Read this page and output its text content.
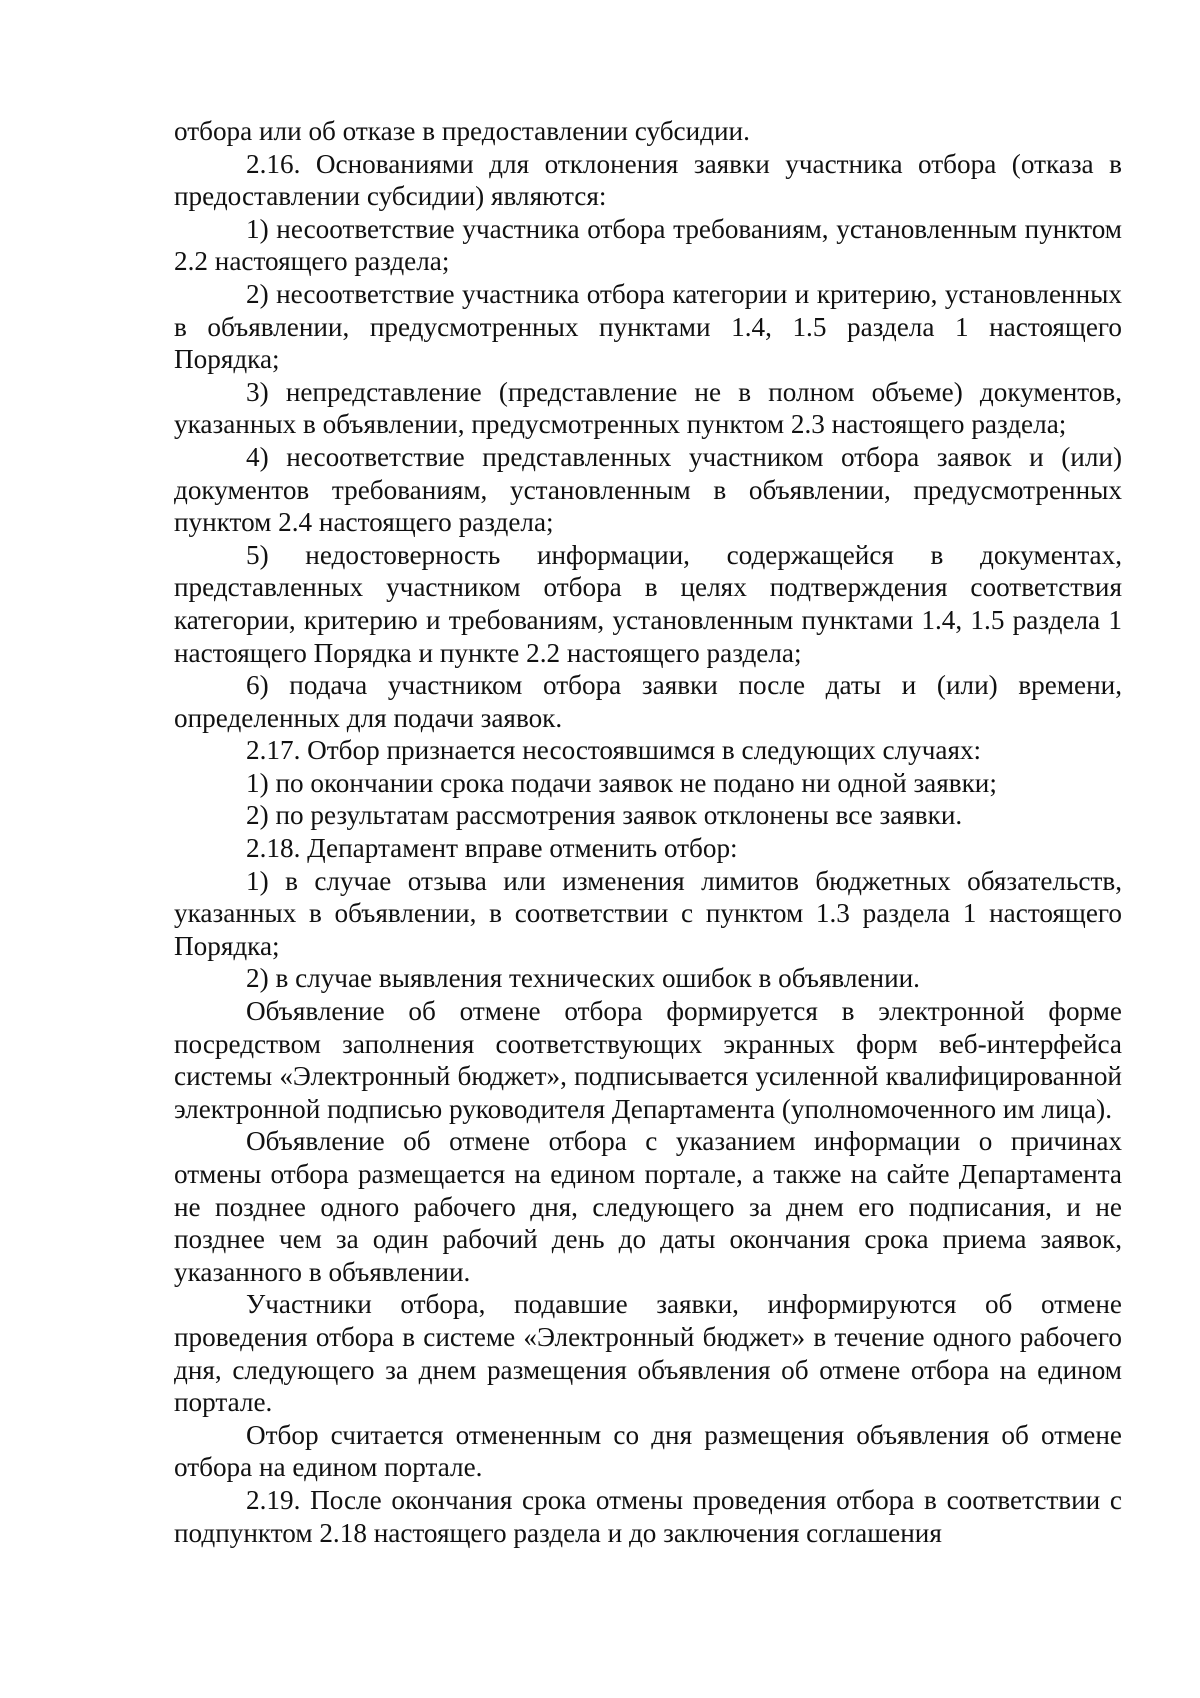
отбора или об отказе в предоставлении субсидии.

2.16. Основаниями для отклонения заявки участника отбора (отказа в предоставлении субсидии) являются:

1) несоответствие участника отбора требованиям, установленным пунктом 2.2 настоящего раздела;

2) несоответствие участника отбора категории и критерию, установленных в объявлении, предусмотренных пунктами 1.4, 1.5 раздела 1 настоящего Порядка;

3) непредставление (представление не в полном объеме) документов, указанных в объявлении, предусмотренных пунктом 2.3 настоящего раздела;

4) несоответствие представленных участником отбора заявок и (или) документов требованиям, установленным в объявлении, предусмотренных пунктом 2.4 настоящего раздела;

5) недостоверность информации, содержащейся в документах, представленных участником отбора в целях подтверждения соответствия категории, критерию и требованиям, установленным пунктами 1.4, 1.5 раздела 1 настоящего Порядка и пункте 2.2 настоящего раздела;

6) подача участником отбора заявки после даты и (или) времени, определенных для подачи заявок.

2.17. Отбор признается несостоявшимся в следующих случаях:

1) по окончании срока подачи заявок не подано ни одной заявки;

2) по результатам рассмотрения заявок отклонены все заявки.

2.18. Департамент вправе отменить отбор:

1) в случае отзыва или изменения лимитов бюджетных обязательств, указанных в объявлении, в соответствии с пунктом 1.3 раздела 1 настоящего Порядка;

2) в случае выявления технических ошибок в объявлении.

Объявление об отмене отбора формируется в электронной форме посредством заполнения соответствующих экранных форм веб-интерфейса системы «Электронный бюджет», подписывается усиленной квалифицированной электронной подписью руководителя Департамента (уполномоченного им лица).

Объявление об отмене отбора с указанием информации о причинах отмены отбора размещается на едином портале, а также на сайте Департамента не позднее одного рабочего дня, следующего за днем его подписания, и не позднее чем за один рабочий день до даты окончания срока приема заявок, указанного в объявлении.

Участники отбора, подавшие заявки, информируются об отмене проведения отбора в системе «Электронный бюджет» в течение одного рабочего дня, следующего за днем размещения объявления об отмене отбора на едином портале.

Отбор считается отмененным со дня размещения объявления об отмене отбора на едином портале.

2.19. После окончания срока отмены проведения отбора в соответствии с подпунктом 2.18 настоящего раздела и до заключения соглашения
